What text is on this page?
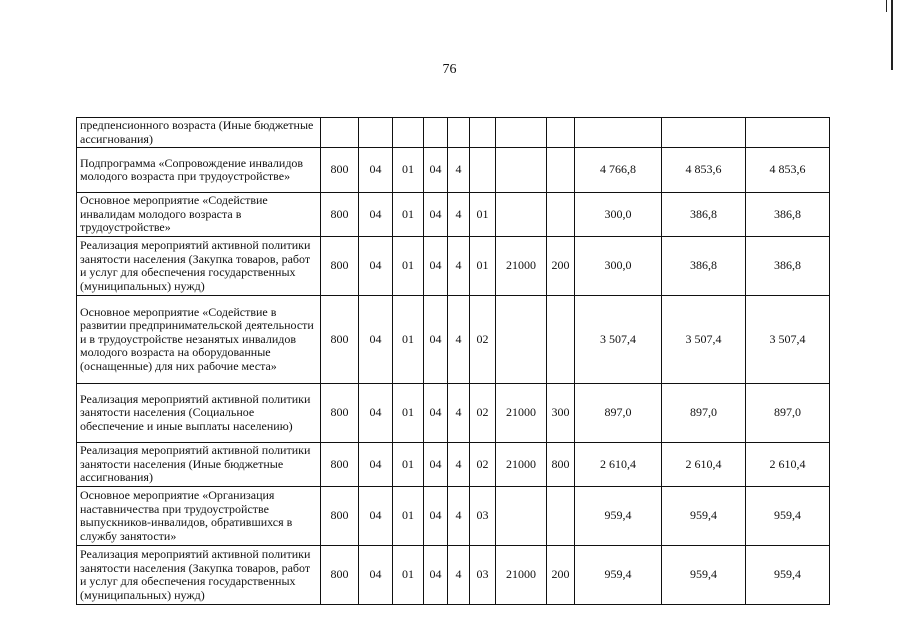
76
предпенсионного возраста (Иные бюджетные ассигнования)											
Подпрограмма «Сопровождение инвалидов молодого возраста при трудоустройстве»	800	04	01	04	4				4 766,8	4 853,6	4 853,6
Основное мероприятие «Содействие инвалидам молодого возраста в трудоустройстве»	800	04	01	04	4	01			300,0	386,8	386,8
Реализация мероприятий активной политики занятости населения (Закупка товаров, работ и услуг для обеспечения государственных (муниципальных) нужд)	800	04	01	04	4	01	21000	200	300,0	386,8	386,8
Основное мероприятие «Содействие в развитии предпринимательской деятельности и в трудоустройстве незанятых инвалидов молодого возраста на оборудованные (оснащенные) для них рабочие места»	800	04	01	04	4	02			3 507,4	3 507,4	3 507,4
Реализация мероприятий активной политики занятости населения (Социальное обеспечение и иные выплаты населению)	800	04	01	04	4	02	21000	300	897,0	897,0	897,0
Реализация мероприятий активной политики занятости населения (Иные бюджетные ассигнования)	800	04	01	04	4	02	21000	800	2 610,4	2 610,4	2 610,4
Основное мероприятие «Организация наставничества при трудоустройстве выпускников-инвалидов, обратившихся в службу занятости»	800	04	01	04	4	03			959,4	959,4	959,4
Реализация мероприятий активной политики занятости населения (Закупка товаров, работ и услуг для обеспечения государственных (муниципальных) нужд)	800	04	01	04	4	03	21000	200	959,4	959,4	959,4
